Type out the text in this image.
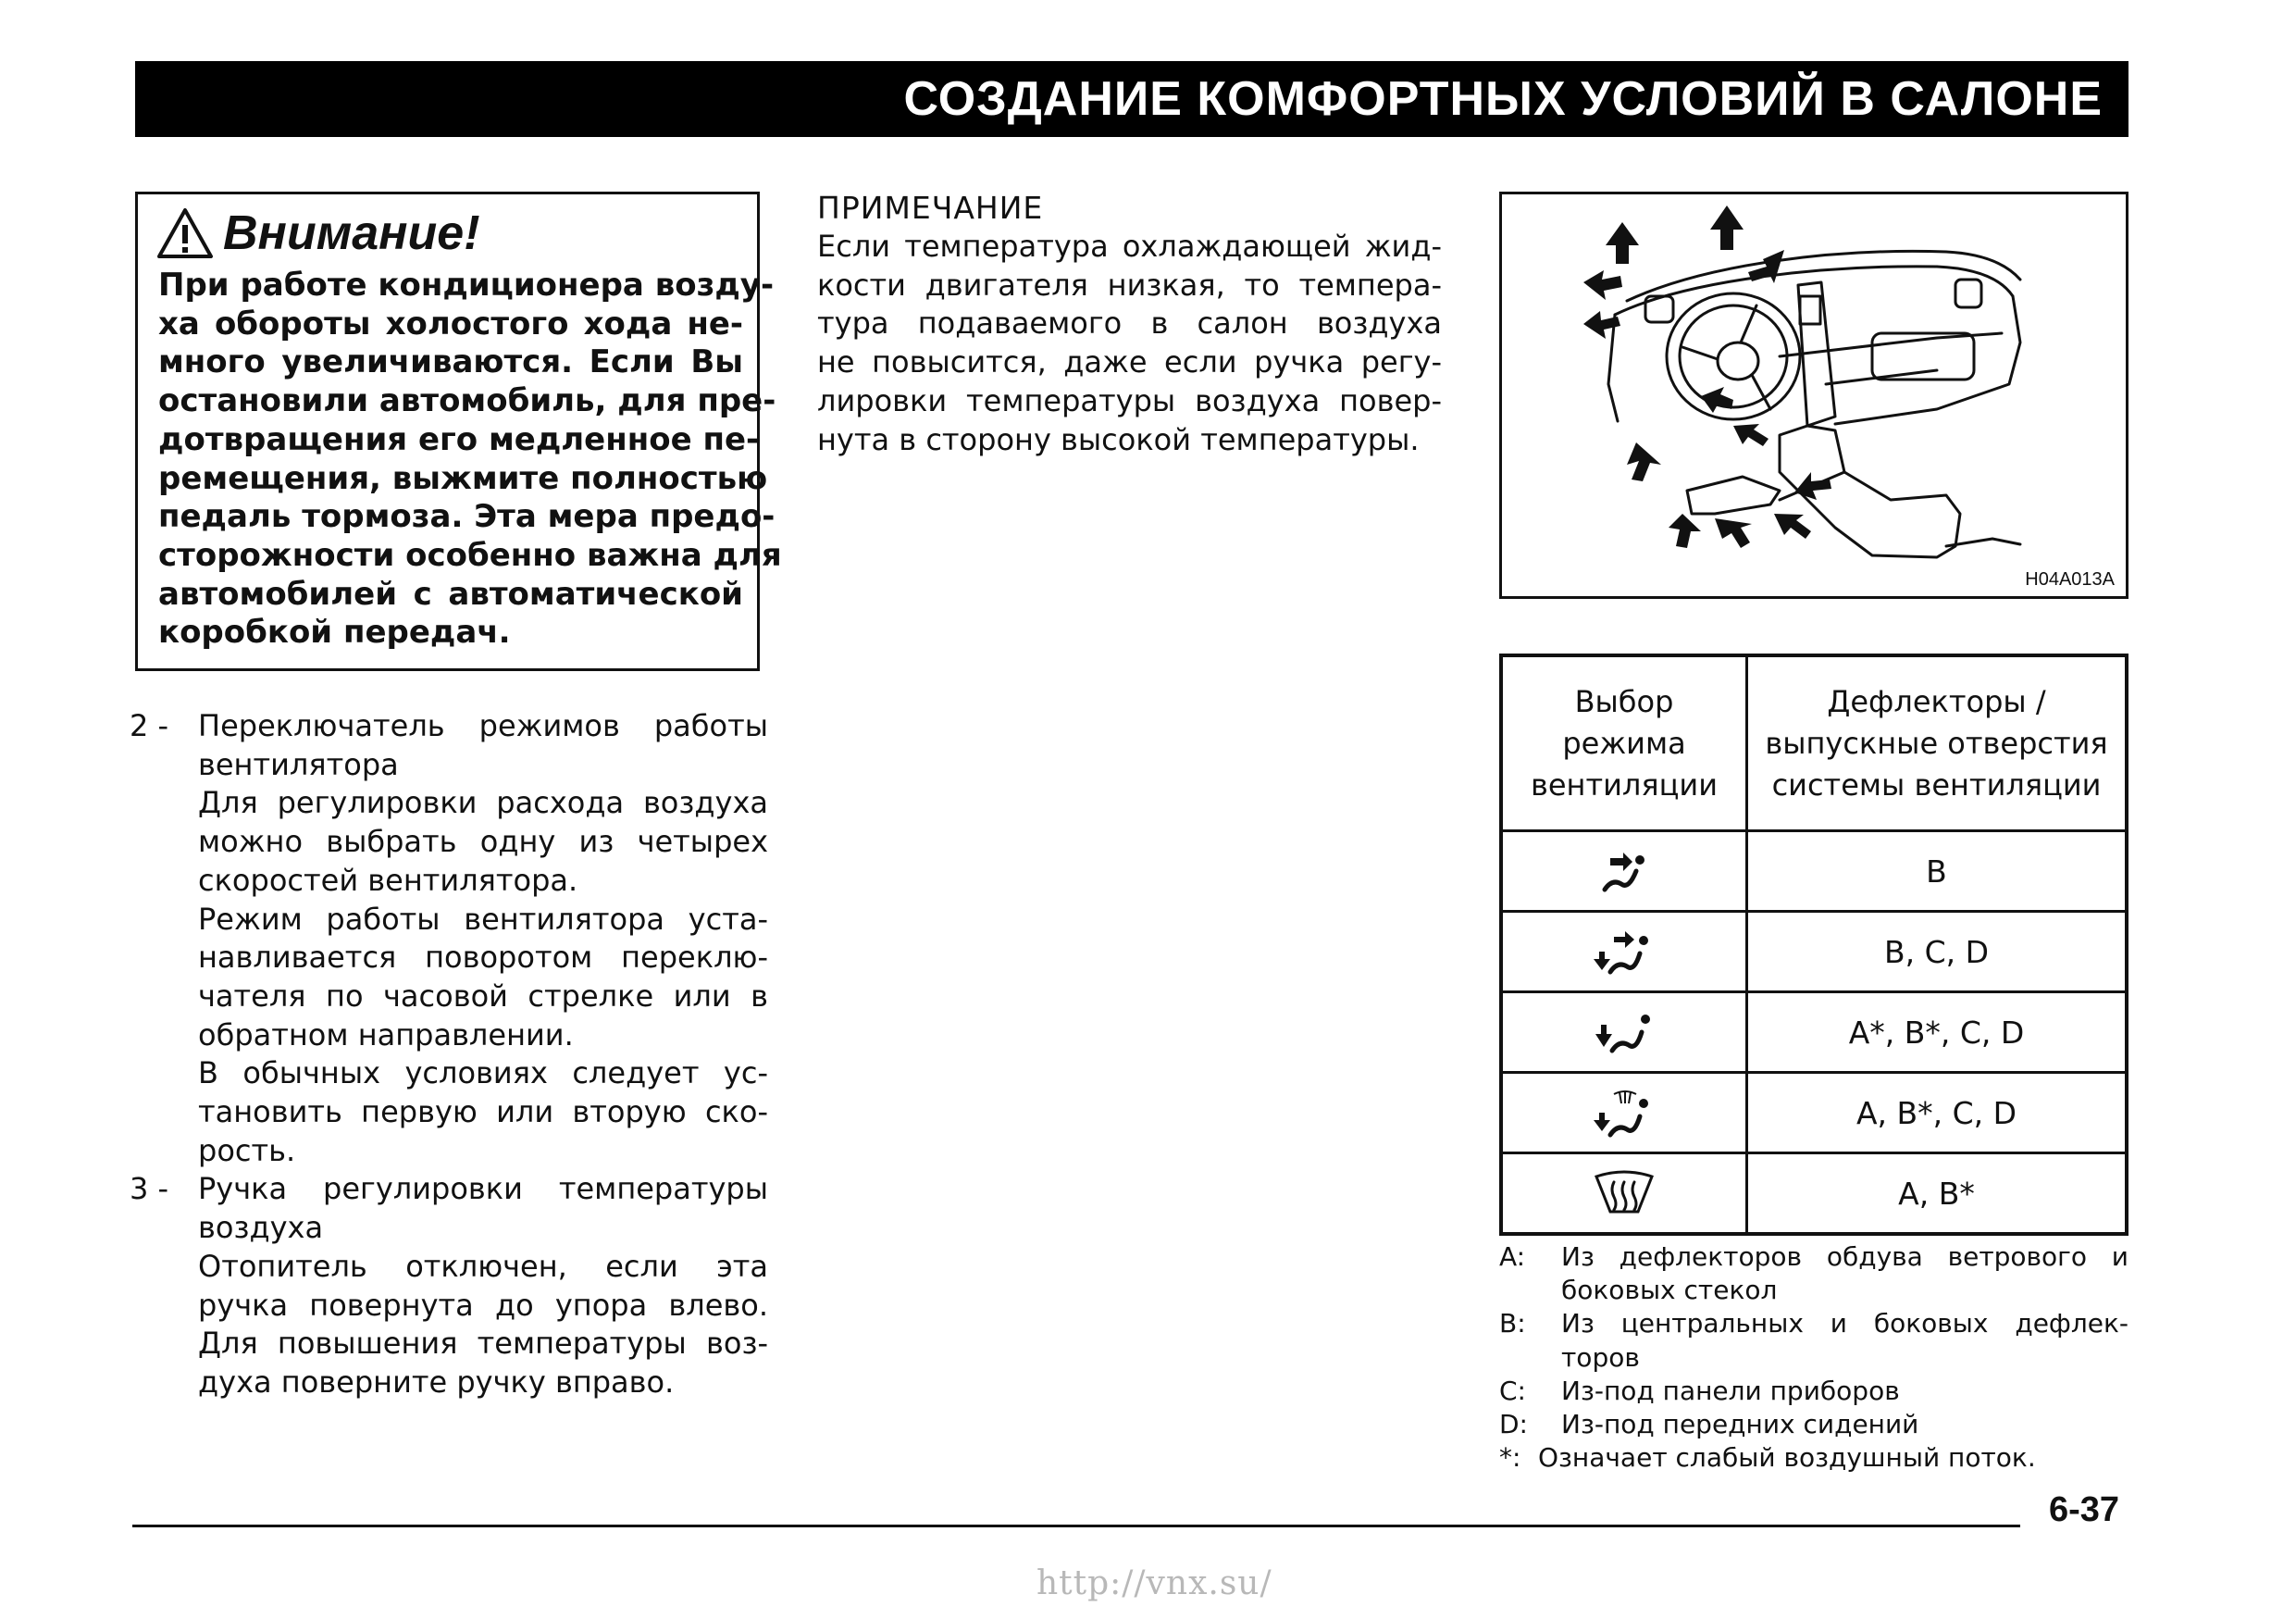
СОЗДАНИЕ КОМФОРТНЫХ УСЛОВИЙ В САЛОНЕ
Внимание!
При работе кондиционера возду-
ха обороты холостого хода не-
много увеличиваются. Если Вы
остановили автомобиль, для пре-
дотвращения его медленное пе-
ремещения, выжмите полностью
педаль тормоза. Эта мера предо-
сторожности особенно важна для
автомобилей с автоматической
коробкой передач.
2 - Переключатель режимов работы
вентилятора
Для регулировки расхода воздуха
можно выбрать одну из четырех
скоростей вентилятора.
Режим работы вентилятора уста-
навливается поворотом переклю-
чателя по часовой стрелке или в
обратном направлении.
В обычных условиях следует ус-
тановить первую или вторую ско-
рость.
3 - Ручка регулировки температуры
воздуха
Отопитель отключен, если эта
ручка повернута до упора влево.
Для повышения температуры воз-
духа поверните ручку вправо.
ПРИМЕЧАНИЕ
Если температура охлаждающей жид-
кости двигателя низкая, то темпера-
тура подаваемого в салон воздуха
не повысится, даже если ручка регу-
лировки температуры воздуха повер-
нута в сторону высокой температуры.
H04A013A
Выбор режима вентиляции	Дефлекторы / выпускные отверстия системы вентиляции

	B

	B, C, D

	A*, B*, C, D

	A, B*, C, D

	A, B*
A: Из дефлекторов обдува ветрового и
боковых стекол
B: Из центральных и боковых дефлек-
торов
C: Из-под панели приборов
D: Из-под передних сидений
*: Означает слабый воздушный поток.
6-37
http://vnx.su/
